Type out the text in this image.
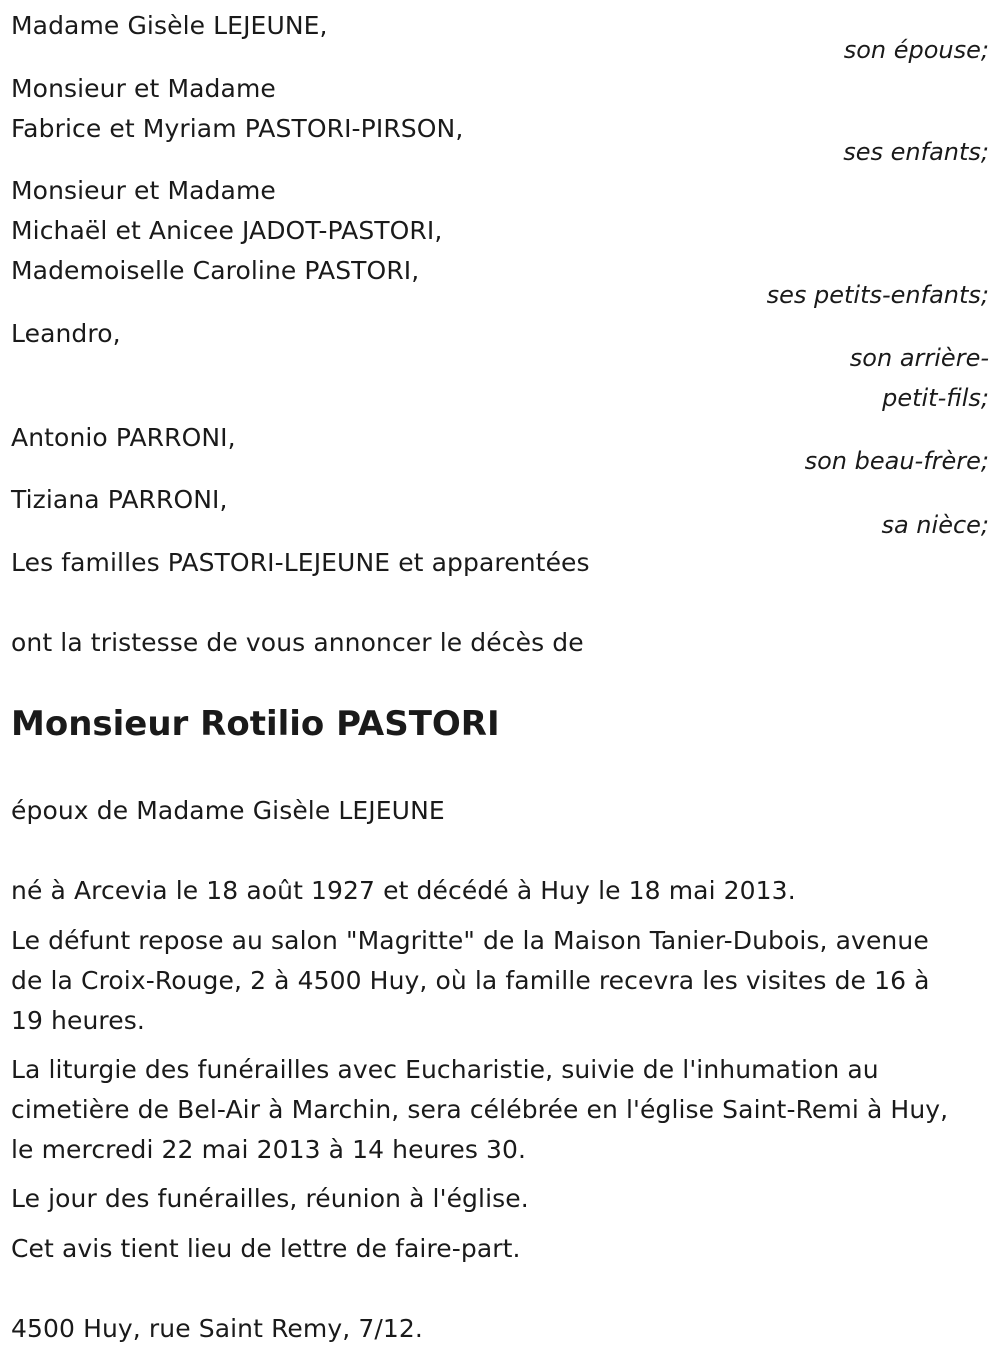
Madame Gisèle LEJEUNE,
son épouse;
Monsieur et Madame
Fabrice et Myriam PASTORI-PIRSON,
ses enfants;
Monsieur et Madame
Michaël et Anicee JADOT-PASTORI,
Mademoiselle Caroline PASTORI,
ses petits-enfants;
Leandro,
son arrière-
petit-fils;
Antonio PARRONI,
son beau-frère;
Tiziana PARRONI,
sa nièce;
Les familles PASTORI-LEJEUNE et apparentées
ont la tristesse de vous annoncer le décès de
Monsieur Rotilio PASTORI
époux de Madame Gisèle LEJEUNE
né à Arcevia le 18 août 1927 et décédé à Huy le 18 mai 2013.
Le défunt repose au salon "Magritte" de la Maison Tanier-Dubois, avenue
de la Croix-Rouge, 2 à 4500 Huy, où la famille recevra les visites de 16 à
19 heures.
La liturgie des funérailles avec Eucharistie, suivie de l'inhumation au
cimetière de Bel-Air à Marchin, sera célébrée en l'église Saint-Remi à Huy,
le mercredi 22 mai 2013 à 14 heures 30.
Le jour des funérailles, réunion à l'église.
Cet avis tient lieu de lettre de faire-part.
4500 Huy, rue Saint Remy, 7/12.
